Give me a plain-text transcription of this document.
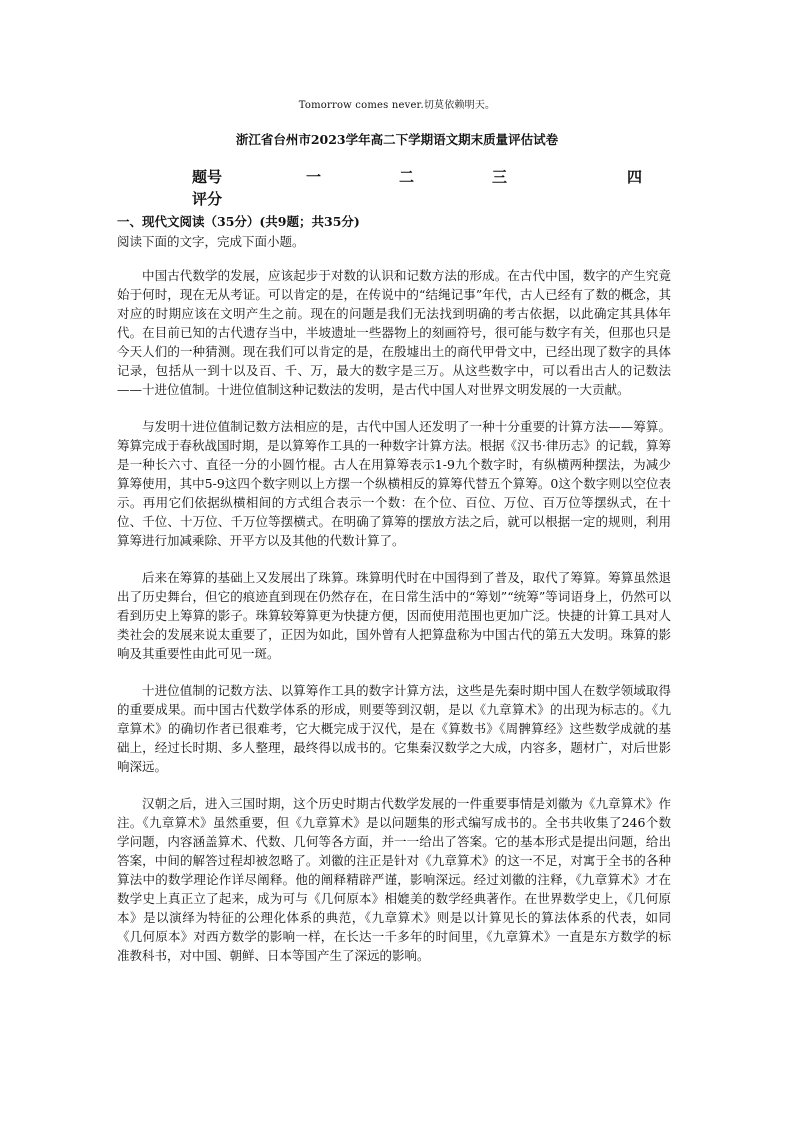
Tomorrow comes never.切莫依赖明天。
浙江省台州市2023学年高二下学期语文期末质量评估试卷
题号	一	二	三	四
评分				
一、现代文阅读（35分）(共9题；共35分)
阅读下面的文字，完成下面小题。

中国古代数学的发展，应该起步于对数的认识和记数方法的形成。在古代中国，数字的产生究竟始于何时，现在无从考证。可以肯定的是，在传说中的“结绳记事”年代，古人已经有了数的概念，其对应的时期应该在文明产生之前。现在的问题是我们无法找到明确的考古依据，以此确定其具体年代。在目前已知的古代遗存当中，半坡遗址一些器物上的刻画符号，很可能与数字有关，但那也只是今天人们的一种猜测。现在我们可以肯定的是，在殷墟出土的商代甲骨文中，已经出现了数字的具体记录，包括从一到十以及百、千、万，最大的数字是三万。从这些数字中，可以看出古人的记数法——十进位值制。十进位值制这种记数法的发明，是古代中国人对世界文明发展的一大贡献。

与发明十进位值制记数方法相应的是，古代中国人还发明了一种十分重要的计算方法——筹算。筹算完成于春秋战国时期，是以算筹作工具的一种数字计算方法。根据《汉书·律历志》的记载，算筹是一种长六寸、直径一分的小圆竹棍。古人在用算筹表示1-9九个数字时，有纵横两种摆法，为减少算筹使用，其中5-9这四个数字则以上方摆一个纵横相反的算筹代替五个算筹。0这个数字则以空位表示。再用它们依据纵横相间的方式组合表示一个数：在个位、百位、万位、百万位等摆纵式，在十位、千位、十万位、千万位等摆横式。在明确了算筹的摆放方法之后，就可以根据一定的规则，利用算筹进行加减乘除、开平方以及其他的代数计算了。

后来在筹算的基础上又发展出了珠算。珠算明代时在中国得到了普及，取代了筹算。筹算虽然退出了历史舞台，但它的痕迹直到现在仍然存在，在日常生活中的“筹划”“统筹”等词语身上，仍然可以看到历史上筹算的影子。珠算较筹算更为快捷方便，因而使用范围也更加广泛。快捷的计算工具对人类社会的发展来说太重要了，正因为如此，国外曾有人把算盘称为中国古代的第五大发明。珠算的影响及其重要性由此可见一斑。

十进位值制的记数方法、以算筹作工具的数字计算方法，这些是先秦时期中国人在数学领域取得的重要成果。而中国古代数学体系的形成，则要等到汉朝，是以《九章算术》的出现为标志的。《九章算术》的确切作者已很难考，它大概完成于汉代，是在《算数书》《周髀算经》这些数学成就的基础上，经过长时期、多人整理，最终得以成书的。它集秦汉数学之大成，内容多，题材广，对后世影响深远。

汉朝之后，进入三国时期，这个历史时期古代数学发展的一件重要事情是刘徽为《九章算术》作注。《九章算术》虽然重要，但《九章算术》是以问题集的形式编写成书的。全书共收集了246个数学问题，内容涵盖算术、代数、几何等各方面，并一一给出了答案。它的基本形式是提出问题，给出答案，中间的解答过程却被忽略了。刘徽的注正是针对《九章算术》的这一不足，对寓于全书的各种算法中的数学理论作详尽阐释。他的阐释精辟严谨，影响深远。经过刘徽的注释，《九章算术》才在数学史上真正立了起来，成为可与《几何原本》相媲美的数学经典著作。在世界数学史上，《几何原本》是以演绎为特征的公理化体系的典范，《九章算术》则是以计算见长的算法体系的代表，如同《几何原本》对西方数学的影响一样，在长达一千多年的时间里，《九章算术》一直是东方数学的标准教科书，对中国、朝鲜、日本等国产生了深远的影响。
